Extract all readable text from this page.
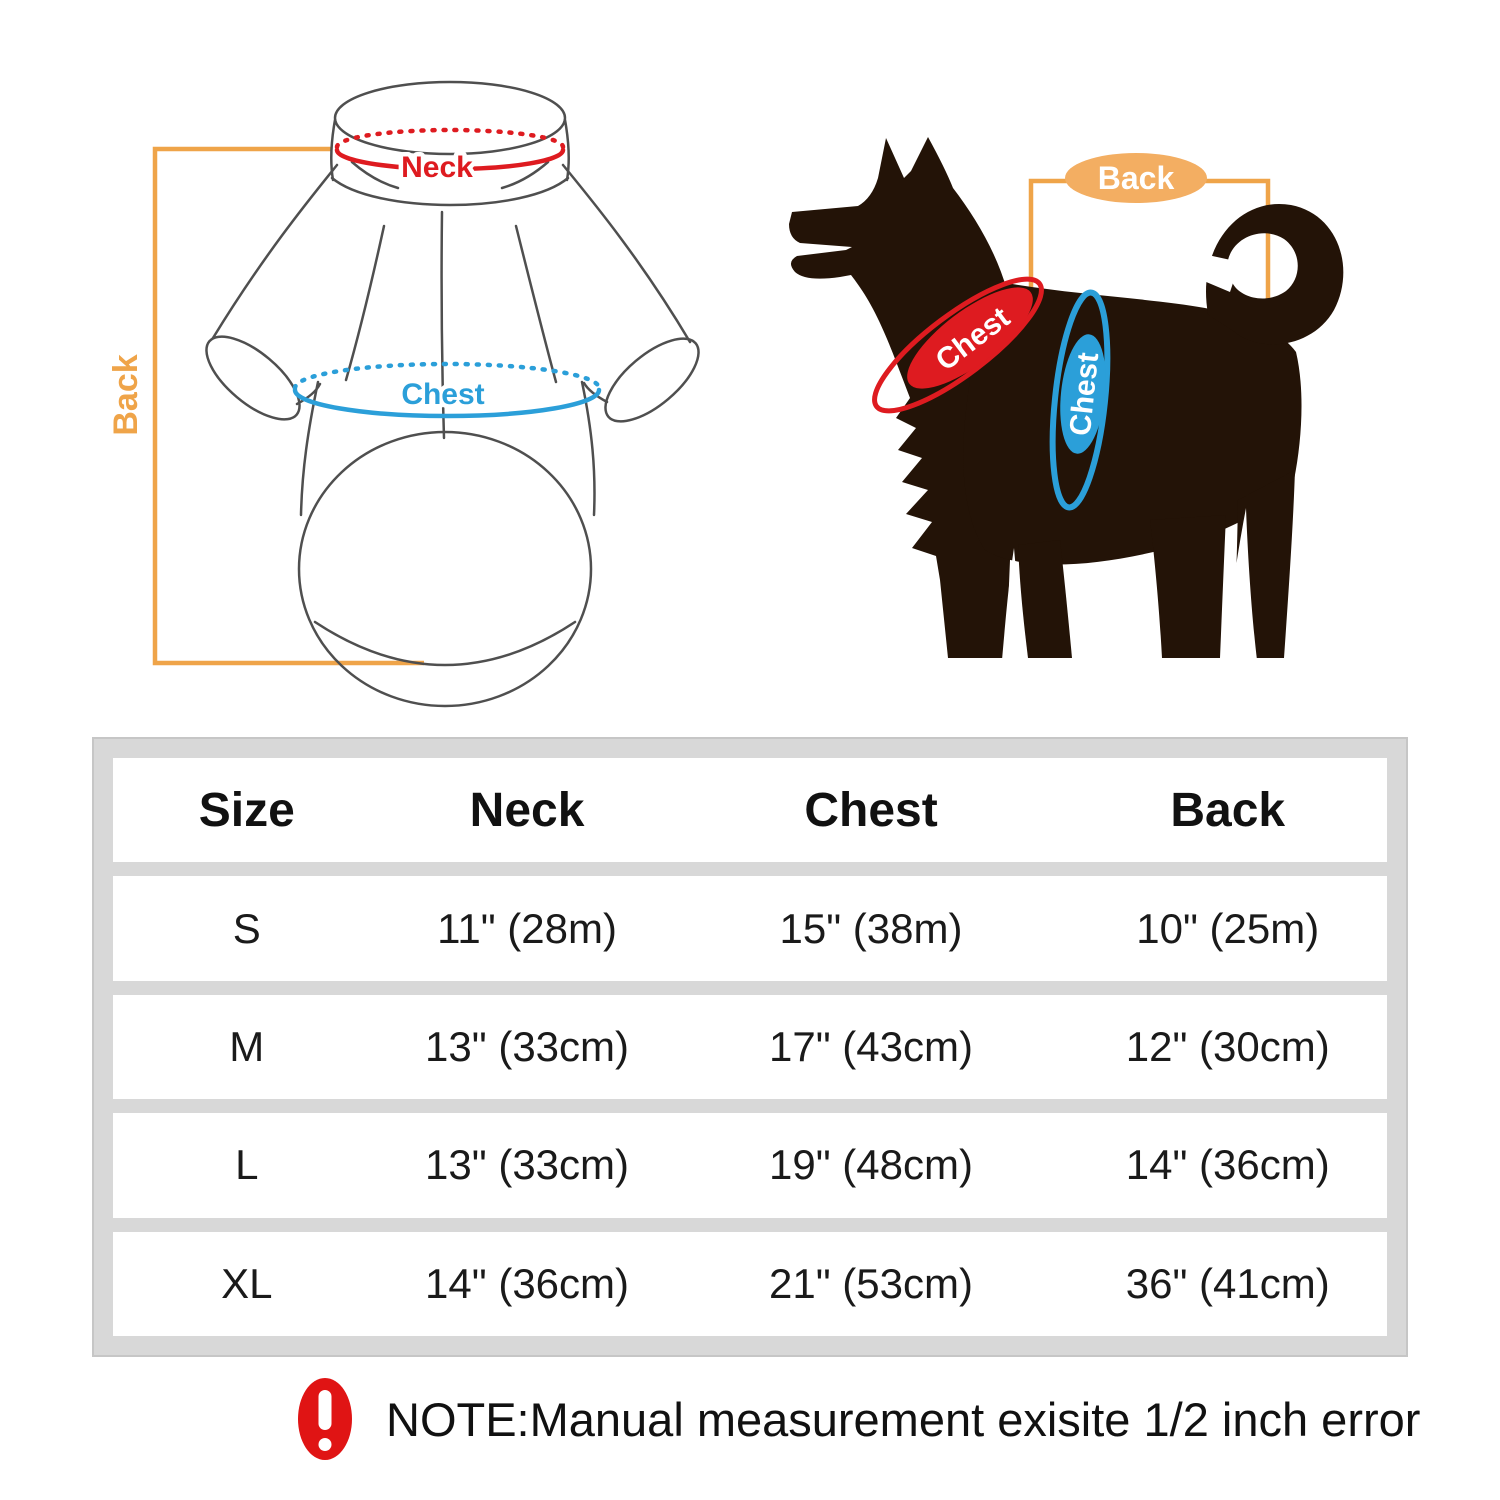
Back
Neck
Chest
Chest
Chest
Back
Size	Neck	Chest	Back
S	11" (28m)	15" (38m)	10" (25m)
M	13" (33cm)	17" (43cm)	12" (30cm)
L	13" (33cm)	19" (48cm)	14" (36cm)
XL	14" (36cm)	21" (53cm)	36" (41cm)
NOTE:Manual measurement exisite 1/2 inch error
